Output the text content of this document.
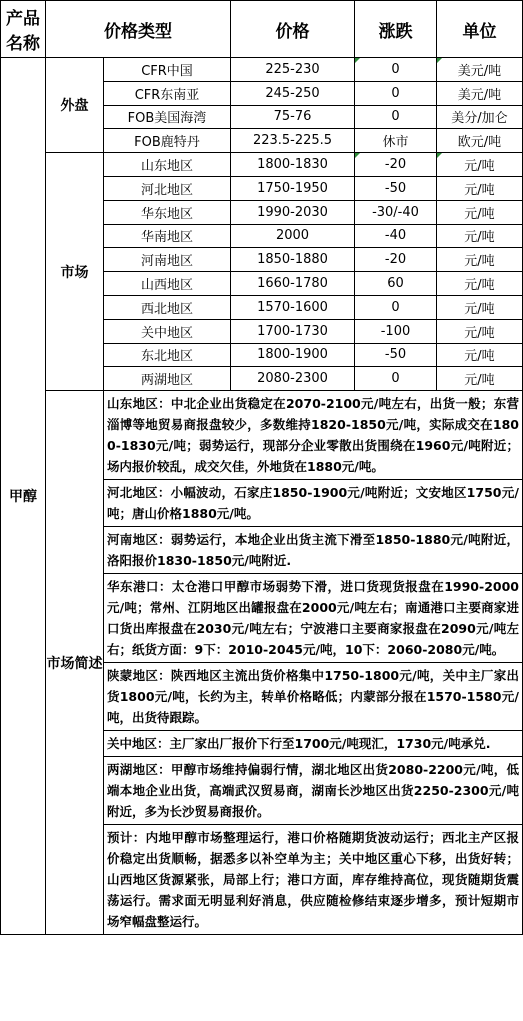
产品名称	价格类型		价格	涨跌	单位
甲醇	外盘	CFR中国	225-230	0	美元/吨
		CFR东南亚	245-250	0	美元/吨
		FOB美国海湾	75-76	0	美分/加仑
		FOB鹿特丹	223.5-225.5	休市	欧元/吨
	市场	山东地区	1800-1830	-20	元/吨
		河北地区	1750-1950	-50	元/吨
		华东地区	1990-2030	-30/-40	元/吨
		华南地区	2000	-40	元/吨
		河南地区	1850-1880	-20	元/吨
		山西地区	1660-1780	60	元/吨
		西北地区	1570-1600	0	元/吨
		关中地区	1700-1730	-100	元/吨
		东北地区	1800-1900	-50	元/吨
		两湖地区	2080-2300	0	元/吨
	市场简述	山东地区：中北企业出货稳定在2070-2100元/吨左右，出货一般；东营淄博等地贸易商报盘较少，多数维持1820-1850元/吨，实际成交在1800-1830元/吨；弱势运行，现部分企业零散出货围绕在1960元/吨附近；场内报价较乱，成交欠佳，外地货在1880元/吨。			
		河北地区：小幅波动，石家庄1850-1900元/吨附近；文安地区1750元/吨；唐山价格1880元/吨。			
		河南地区：弱势运行，本地企业出货主流下滑至1850-1880元/吨附近，洛阳报价1830-1850元/吨附近.			
		华东港口：太仓港口甲醇市场弱势下滑，进口货现货报盘在1990-2000元/吨；常州、江阴地区出罐报盘在2000元/吨左右；南通港口主要商家进口货出库报盘在2030元/吨左右；宁波港口主要商家报盘在2090元/吨左右；纸货方面：9下：2010-2045元/吨，10下：2060-2080元/吨。			
		陕蒙地区：陕西地区主流出货价格集中1750-1800元/吨，关中主厂家出货1800元/吨，长约为主，转单价格略低；内蒙部分报在1570-1580元/吨，出货待跟踪。			
		关中地区：主厂家出厂报价下行至1700元/吨现汇，1730元/吨承兑.			
		两湖地区：甲醇市场维持偏弱行情，湖北地区出货2080-2200元/吨，低端本地企业出货，高端武汉贸易商，湖南长沙地区出货2250-2300元/吨附近，多为长沙贸易商报价。			
		预计：内地甲醇市场整理运行，港口价格随期货波动运行；西北主产区报价稳定出货顺畅，据悉多以补空单为主；关中地区重心下移，出货好转；山西地区货源紧张，局部上行；港口方面，库存维持高位，现货随期货震荡运行。需求面无明显利好消息，供应随检修结束逐步增多，预计短期市场窄幅盘整运行。			
